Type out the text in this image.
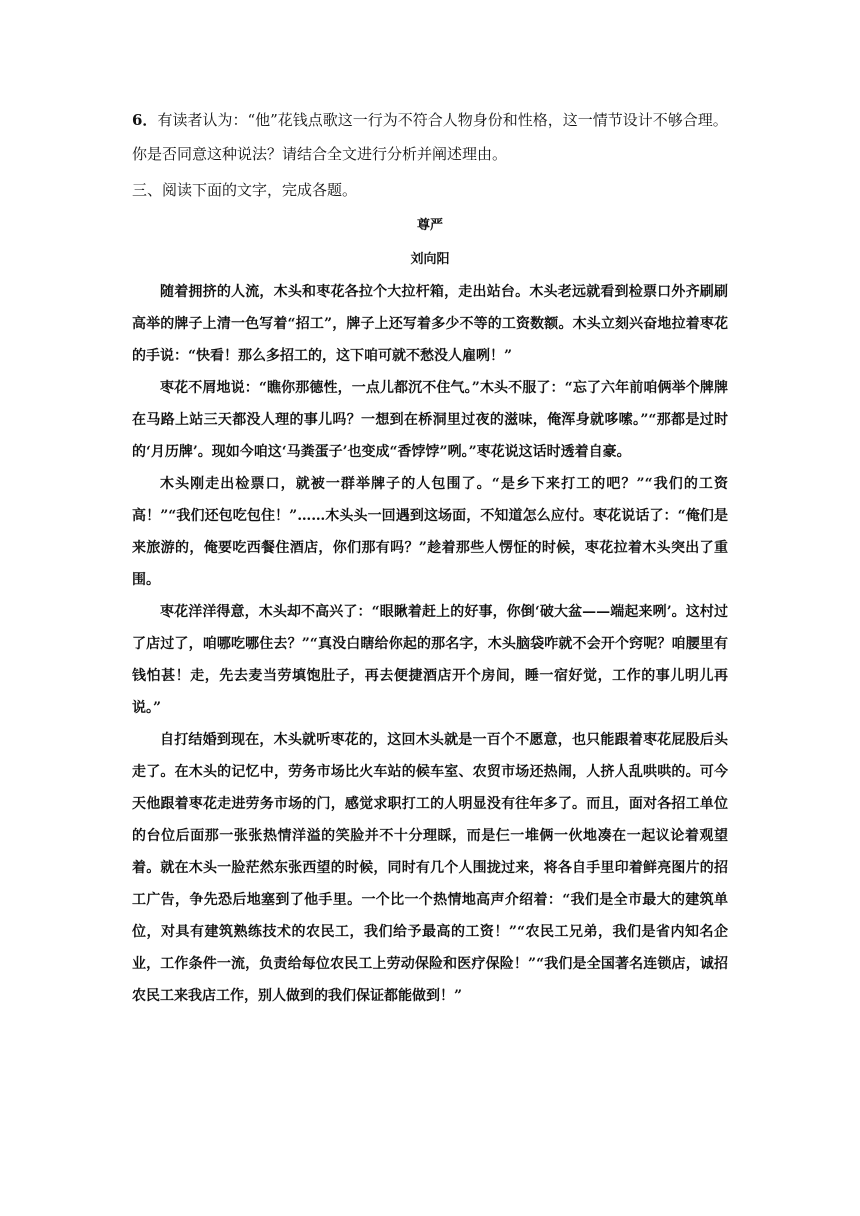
6．有读者认为：“他”花钱点歌这一行为不符合人物身份和性格，这一情节设计不够合理。你是否同意这种说法？请结合全文进行分析并阐述理由。
三、阅读下面的文字，完成各题。
尊严
刘向阳

随着拥挤的人流，木头和枣花各拉个大拉杆箱，走出站台。木头老远就看到检票口外齐刷刷高举的牌子上清一色写着“招工”，牌子上还写着多少不等的工资数额。木头立刻兴奋地拉着枣花的手说：“快看！那么多招工的，这下咱可就不愁没人雇咧！”

枣花不屑地说：“瞧你那德性，一点儿都沉不住气。”木头不服了：“忘了六年前咱俩举个牌牌在马路上站三天都没人理的事儿吗？一想到在桥洞里过夜的滋味，俺浑身就哆嗦。”“那都是过时的‘月历牌’。现如今咱这‘马粪蛋子’也变成“香饽饽”咧。”枣花说这话时透着自豪。

木头刚走出检票口，就被一群举牌子的人包围了。“是乡下来打工的吧？”“我们的工资高！”“我们还包吃包住！”……木头头一回遇到这场面，不知道怎么应付。枣花说话了：“俺们是来旅游的，俺要吃西餐住酒店，你们那有吗？”趁着那些人愣怔的时候，枣花拉着木头突出了重围。

枣花洋洋得意，木头却不高兴了：“眼瞅着赶上的好事，你倒‘破大盆——端起来咧’。这村过了店过了，咱哪吃哪住去？”“真没白瞎给你起的那名字，木头脑袋咋就不会开个窍呢？咱腰里有钱怕甚！走，先去麦当劳填饱肚子，再去便捷酒店开个房间，睡一宿好觉，工作的事儿明儿再说。”

自打结婚到现在，木头就听枣花的，这回木头就是一百个不愿意，也只能跟着枣花屁股后头走了。在木头的记忆中，劳务市场比火车站的候车室、农贸市场还热闹，人挤人乱哄哄的。可今天他跟着枣花走进劳务市场的门，感觉求职打工的人明显没有往年多了。而且，面对各招工单位的台位后面那一张张热情洋溢的笑脸并不十分理睬，而是仨一堆俩一伙地凑在一起议论着观望着。就在木头一脸茫然东张西望的时候，同时有几个人围拢过来，将各自手里印着鲜亮图片的招工广告，争先恐后地塞到了他手里。一个比一个热情地高声介绍着：“我们是全市最大的建筑单位，对具有建筑熟练技术的农民工，我们给予最高的工资！”“农民工兄弟，我们是省内知名企业，工作条件一流，负责给每位农民工上劳动保险和医疗保险！”“我们是全国著名连锁店，诚招农民工来我店工作，别人做到的我们保证都能做到！”
